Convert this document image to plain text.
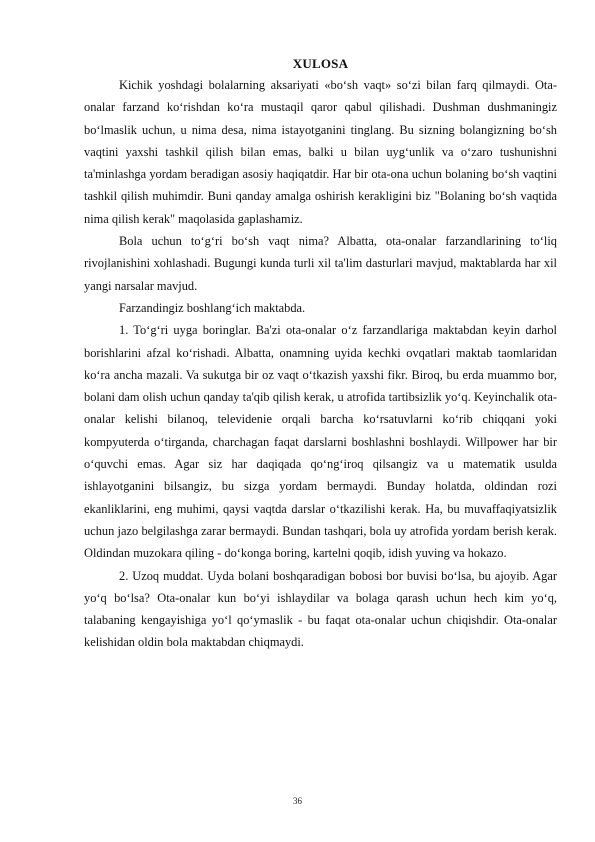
XULOSA

Kichik yoshdagi bolalarning aksariyati «bo‘sh vaqt» so‘zi bilan farq qilmaydi. Ota-onalar farzand ko‘rishdan ko‘ra mustaqil qaror qabul qilishadi. Dushman dushmaningiz bo‘lmaslik uchun, u nima desa, nima istayotganini tinglang. Bu sizning bolangizning bo‘sh vaqtini yaxshi tashkil qilish bilan emas, balki u bilan uyg‘unlik va o‘zaro tushunishni ta'minlashga yordam beradigan asosiy haqiqatdir. Har bir ota-ona uchun bolaning bo‘sh vaqtini tashkil qilish muhimdir. Buni qanday amalga oshirish kerakligini biz "Bolaning bo‘sh vaqtida nima qilish kerak" maqolasida gaplashamiz.

Bola uchun to‘g‘ri bo‘sh vaqt nima? Albatta, ota-onalar farzandlarining to‘liq rivojlanishini xohlashadi. Bugungi kunda turli xil ta'lim dasturlari mavjud, maktablarda har xil yangi narsalar mavjud.

Farzandingiz boshlang‘ich maktabda.

1. To‘g‘ri uyga boringlar. Ba'zi ota-onalar o‘z farzandlariga maktabdan keyin darhol borishlarini afzal ko‘rishadi. Albatta, onamning uyida kechki ovqatlari maktab taomlaridan ko‘ra ancha mazali. Va sukutga bir oz vaqt o‘tkazish yaxshi fikr. Biroq, bu erda muammo bor, bolani dam olish uchun qanday ta'qib qilish kerak, u atrofida tartibsizlik yo‘q. Keyinchalik ota-onalar kelishi bilanoq, televidenie orqali barcha ko‘rsatuvlarni ko‘rib chiqqani yoki kompyuterda o‘tirganda, charchagan faqat darslarni boshlashni boshlaydi. Willpower har bir o‘quvchi emas. Agar siz har daqiqada qo‘ng‘iroq qilsangiz va u matematik usulda ishlayotganini bilsangiz, bu sizga yordam bermaydi. Bunday holatda, oldindan rozi ekanliklarini, eng muhimi, qaysi vaqtda darslar o‘tkazilishi kerak. Ha, bu muvaffaqiyatsizlik uchun jazo belgilashga zarar bermaydi. Bundan tashqari, bola uy atrofida yordam berish kerak. Oldindan muzokara qiling - do‘konga boring, kartelni qoqib, idish yuving va hokazo.

2. Uzoq muddat. Uyda bolani boshqaradigan bobosi bor buvisi bo‘lsa, bu ajoyib. Agar yo‘q bo‘lsa? Ota-onalar kun bo‘yi ishlaydilar va bolaga qarash uchun hech kim yo‘q, talabaning kengayishiga yo‘l qo‘ymaslik - bu faqat ota-onalar uchun chiqishdir. Ota-onalar kelishidan oldin bola maktabdan chiqmaydi.

36
